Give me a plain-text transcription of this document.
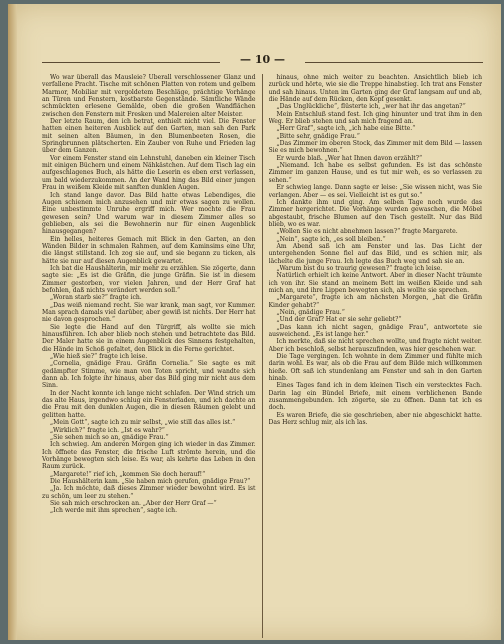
— 10 —

Wo war überall das Mausleie? Überall verschlossener Glanz und verfallene Pracht. Tische mit schönen Platten von rotem und gelbem Marmor, Mobiliar mit vergoldetem Beschläge, prächtige Vorhänge an Türen und Fenstern, kostbarste Gegenstände. Sämtliche Wände schmückten erlesene Gemälde, oben die großen Wandflächen zwischen den Fenstern mit Fresken und Malereien alter Meister.

Der letzte Raum, den ich betrat, enthielt nicht viel. Die Fenster hatten einen heiteren Ausblick auf den Garten, man sah den Park mit seinen alten Bäumen, in den Blumenbeeten Rosen, die Springbrunnen plätscherten. Ein Zauber von Ruhe und Frieden lag über dem Ganzen.

Vor einem Fenster stand ein Lehnstuhl, daneben ein kleiner Tisch mit einigen Büchern und einem Nähkästchen. Auf dem Tisch lag ein aufgeschlagenes Buch, als hätte die Leserin es eben erst verlassen, um bald wiederzukommen. An der Wand hing das Bild einer jungen Frau in weißem Kleide mit sanften dunklen Augen.

Ich stand lange davor. Das Bild hatte etwas Lebendiges, die Augen schienen mich anzusehen und mir etwas sagen zu wollen. Eine unbestimmte Unruhe ergriff mich. Wer mochte die Frau gewesen sein? Und warum war in diesem Zimmer alles so geblieben, als sei die Bewohnerin nur für einen Augenblick hinausgegangen?

Ein helles, heiteres Gemach mit Blick in den Garten, an den Wänden Bilder in schmalen Rahmen, auf dem Kaminsims eine Uhr, die längst stillstand. Ich zog sie auf, und sie begann zu ticken, als hätte sie nur auf diesen Augenblick gewartet.

Ich bat die Haushälterin, mir mehr zu erzählen. Sie zögerte, dann sagte sie: „Es ist die Gräfin, die junge Gräfin. Sie ist in diesem Zimmer gestorben, vor vielen Jahren, und der Herr Graf hat befohlen, daß nichts verändert werden soll.“

„Woran starb sie?“ fragte ich.

„Das weiß niemand recht. Sie war krank, man sagt, vor Kummer. Man sprach damals viel darüber, aber gewiß ist nichts. Der Herr hat nie davon gesprochen.“

Sie legte die Hand auf den Türgriff, als wollte sie mich hinausführen. Ich aber blieb noch stehen und betrachtete das Bild. Der Maler hatte sie in einem Augenblick des Sinnens festgehalten, die Hände im Schoß gefaltet, den Blick in die Ferne gerichtet.

„Wie hieß sie?“ fragte ich leise.

„Cornelia, gnädige Frau. Gräfin Cornelia.“ Sie sagte es mit gedämpfter Stimme, wie man von Toten spricht, und wandte sich dann ab. Ich folgte ihr hinaus, aber das Bild ging mir nicht aus dem Sinn.

In der Nacht konnte ich lange nicht schlafen. Der Wind strich um das alte Haus, irgendwo schlug ein Fensterladen, und ich dachte an die Frau mit den dunklen Augen, die in diesen Räumen gelebt und gelitten hatte.

„Mein Gott“, sagte ich zu mir selbst, „wie still das alles ist.“

„Wirklich?“ fragte ich. „Ist es wahr?“

„Sie sehen mich so an, gnädige Frau.“

Ich schwieg. Am anderen Morgen ging ich wieder in das Zimmer. Ich öffnete das Fenster, die frische Luft strömte herein, und die Vorhänge bewegten sich leise. Es war, als kehrte das Leben in den Raum zurück.

„Margarete!“ rief ich, „kommen Sie doch herauf!“

Die Haushälterin kam. „Sie haben mich gerufen, gnädige Frau?“

„Ja. Ich möchte, daß dieses Zimmer wieder bewohnt wird. Es ist zu schön, um leer zu stehen.“

Sie sah mich erschrocken an. „Aber der Herr Graf —“

„Ich werde mit ihm sprechen“, sagte ich.

hinaus, ohne mich weiter zu beachten. Ansichtlich blieb ich zurück und hörte, wie sie die Treppe hinabstieg. Ich trat ans Fenster und sah hinaus. Unten im Garten ging der Graf langsam auf und ab, die Hände auf dem Rücken, den Kopf gesenkt.

„Das Unglückliche“, flüsterte ich, „wer hat ihr das angetan?“

Mein Entschluß stand fest. Ich ging hinunter und trat ihm in den Weg. Er blieb stehen und sah mich fragend an.

„Herr Graf“, sagte ich, „ich habe eine Bitte.“

„Bitte sehr, gnädige Frau.“

„Das Zimmer im oberen Stock, das Zimmer mit dem Bild — lassen Sie es mich bewohnen.“

Er wurde blaß. „Wer hat Ihnen davon erzählt?“

„Niemand. Ich habe es selbst gefunden. Es ist das schönste Zimmer im ganzen Hause, und es tut mir weh, es so verlassen zu sehen.“

Er schwieg lange. Dann sagte er leise: „Sie wissen nicht, was Sie verlangen. Aber — es sei. Vielleicht ist es gut so.“

Ich dankte ihm und ging. Am selben Tage noch wurde das Zimmer hergerichtet. Die Vorhänge wurden gewaschen, die Möbel abgestaubt, frische Blumen auf den Tisch gestellt. Nur das Bild blieb, wo es war.

„Wollen Sie es nicht abnehmen lassen?“ fragte Margarete.

„Nein“, sagte ich, „es soll bleiben.“

Am Abend saß ich am Fenster und las. Das Licht der untergehenden Sonne fiel auf das Bild, und es schien mir, als lächelte die junge Frau. Ich legte das Buch weg und sah sie an.

„Warum bist du so traurig gewesen?“ fragte ich leise.

Natürlich erhielt ich keine Antwort. Aber in dieser Nacht träumte ich von ihr. Sie stand an meinem Bett im weißen Kleide und sah mich an, und ihre Lippen bewegten sich, als wollte sie sprechen.

„Margarete“, fragte ich am nächsten Morgen, „hat die Gräfin Kinder gehabt?“

„Nein, gnädige Frau.“

„Und der Graf? Hat er sie sehr geliebt?“

„Das kann ich nicht sagen, gnädige Frau“, antwortete sie ausweichend. „Es ist lange her.“

Ich merkte, daß sie nicht sprechen wollte, und fragte nicht weiter. Aber ich beschloß, selbst herauszufinden, was hier geschehen war.

Die Tage vergingen. Ich wohnte in dem Zimmer und fühlte mich darin wohl. Es war, als ob die Frau auf dem Bilde mich willkommen hieße. Oft saß ich stundenlang am Fenster und sah in den Garten hinab.

Eines Tages fand ich in dem kleinen Tisch ein verstecktes Fach. Darin lag ein Bündel Briefe, mit einem verblichenen Bande zusammengebunden. Ich zögerte, sie zu öffnen. Dann tat ich es doch.

Es waren Briefe, die sie geschrieben, aber nie abgeschickt hatte. Das Herz schlug mir, als ich las.
